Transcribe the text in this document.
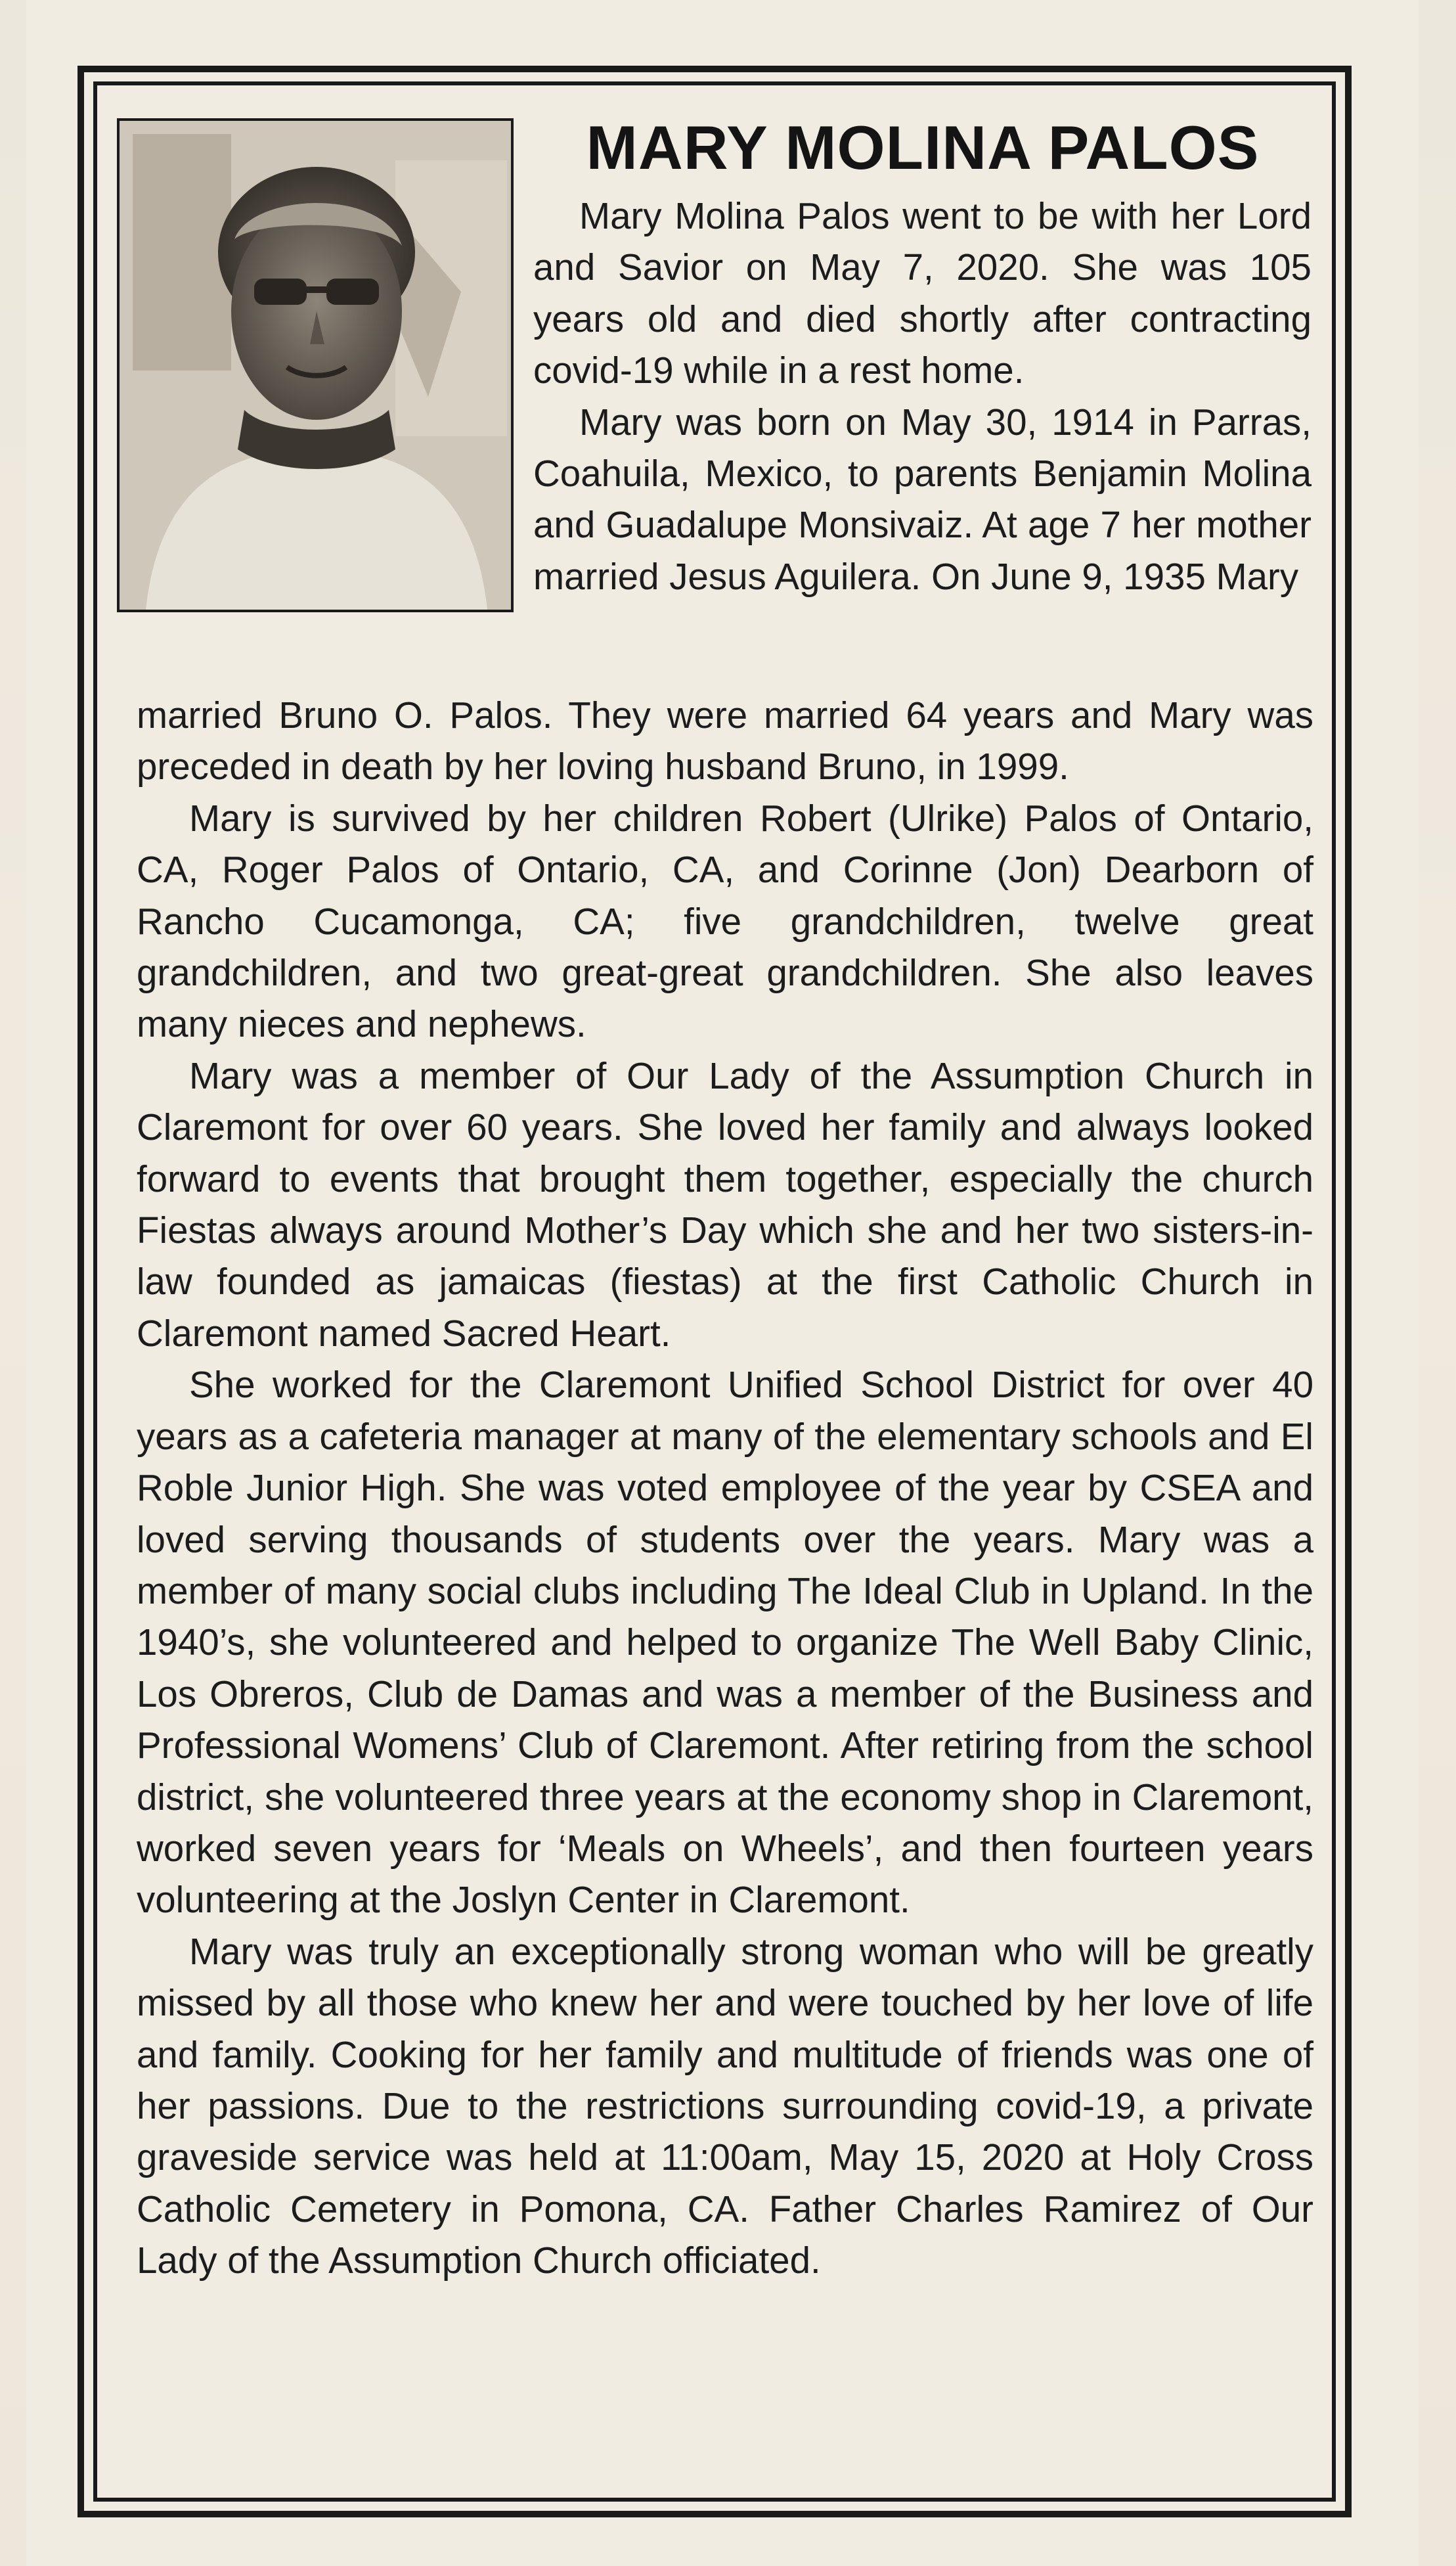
MARY MOLINA PALOS

Mary Molina Palos went to be with her Lord and Savior on May 7, 2020. She was 105 years old and died shortly after contracting covid-19 while in a rest home.

Mary was born on May 30, 1914 in Parras, Coahuila, Mexico, to parents Benjamin Molina and Guadalupe Monsivaiz. At age 7 her mother married Jesus Aguilera. On June 9, 1935 Mary

married Bruno O. Palos. They were married 64 years and Mary was preceded in death by her loving husband Bruno, in 1999.

Mary is survived by her children Robert (Ulrike) Palos of Ontario, CA, Roger Palos of Ontario, CA, and Corinne (Jon) Dearborn of Rancho Cucamonga, CA; five grandchildren, twelve great grandchildren, and two great-great grandchildren. She also leaves many nieces and nephews.

Mary was a member of Our Lady of the Assumption Church in Claremont for over 60 years. She loved her family and always looked forward to events that brought them together, especially the church Fiestas always around Mother’s Day which she and her two sisters-in-law founded as jamaicas (fiestas) at the first Catholic Church in Claremont named Sacred Heart.

She worked for the Claremont Unified School District for over 40 years as a cafeteria manager at many of the elementary schools and El Roble Junior High. She was voted employee of the year by CSEA and loved serving thousands of students over the years. Mary was a member of many social clubs including The Ideal Club in Upland. In the 1940’s, she volunteered and helped to organize The Well Baby Clinic, Los Obreros, Club de Damas and was a member of the Business and Professional Womens’ Club of Claremont. After retiring from the school district, she volunteered three years at the economy shop in Claremont, worked seven years for ‘Meals on Wheels’, and then fourteen years volunteering at the Joslyn Center in Claremont.

Mary was truly an exceptionally strong woman who will be greatly missed by all those who knew her and were touched by her love of life and family. Cooking for her family and multitude of friends was one of her passions. Due to the restrictions surrounding covid-19, a private graveside service was held at 11:00am, May 15, 2020 at Holy Cross Catholic Cemetery in Pomona, CA. Father Charles Ramirez of Our Lady of the Assumption Church officiated.
